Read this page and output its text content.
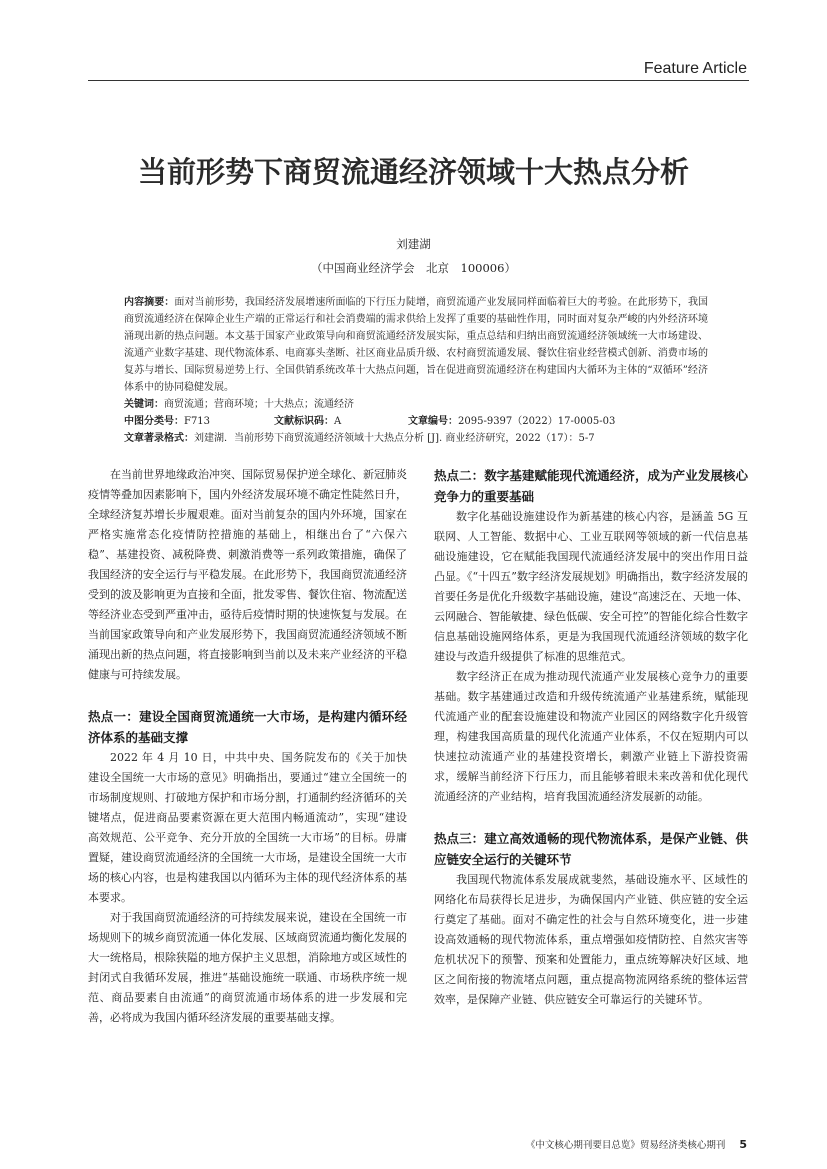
Feature Article
当前形势下商贸流通经济领域十大热点分析
刘建湖
（中国商业经济学会　北京　100006）
内容摘要：面对当前形势，我国经济发展增速所面临的下行压力陡增，商贸流通产业发展同样面临着巨大的考验。在此形势下，我国商贸流通经济在保障企业生产端的正常运行和社会消费端的需求供给上发挥了重要的基础性作用，同时面对复杂严峻的内外经济环境涌现出新的热点问题。本文基于国家产业政策导向和商贸流通经济发展实际，重点总结和归纳出商贸流通经济领域统一大市场建设、流通产业数字基建、现代物流体系、电商寡头垄断、社区商业品质升级、农村商贸流通发展、餐饮住宿业经营模式创新、消费市场的复苏与增长、国际贸易逆势上行、全国供销系统改革十大热点问题，旨在促进商贸流通经济在构建国内大循环为主体的“双循环”经济体系中的协同稳健发展。
关键词：商贸流通；营商环境；十大热点；流通经济
中图分类号：F713	文献标识码：A	文章编号：2095-9397（2022）17-0005-03
文章著录格式：刘建湖．当前形势下商贸流通经济领域十大热点分析 [J]. 商业经济研究，2022（17）：5-7

在当前世界地缘政治冲突、国际贸易保护逆全球化、新冠肺炎疫情等叠加因素影响下，国内外经济发展环境不确定性陡然日升，全球经济复苏增长步履艰难。面对当前复杂的国内外环境，国家在严格实施常态化疫情防控措施的基础上，相继出台了“六保六稳”、基建投资、减税降费、刺激消费等一系列政策措施，确保了我国经济的安全运行与平稳发展。在此形势下，我国商贸流通经济受到的波及影响更为直接和全面，批发零售、餐饮住宿、物流配送等经济业态受到严重冲击，亟待后疫情时期的快速恢复与发展。在当前国家政策导向和产业发展形势下，我国商贸流通经济领域不断涌现出新的热点问题，将直接影响到当前以及未来产业经济的平稳健康与可持续发展。

热点一：建设全国商贸流通统一大市场，是构建内循环经济体系的基础支撑

2022 年 4 月 10 日，中共中央、国务院发布的《关于加快建设全国统一大市场的意见》明确指出，要通过“建立全国统一的市场制度规则、打破地方保护和市场分割，打通制约经济循环的关键堵点，促进商品要素资源在更大范围内畅通流动”，实现“建设高效规范、公平竞争、充分开放的全国统一大市场”的目标。毋庸置疑，建设商贸流通经济的全国统一大市场，是建设全国统一大市场的核心内容，也是构建我国以内循环为主体的现代经济体系的基本要求。

对于我国商贸流通经济的可持续发展来说，建设在全国统一市场规则下的城乡商贸流通一体化发展、区域商贸流通均衡化发展的大一统格局，根除狭隘的地方保护主义思想，消除地方或区域性的封闭式自我循环发展，推进“基础设施统一联通、市场秩序统一规范、商品要素自由流通”的商贸流通市场体系的进一步发展和完善，必将成为我国内循环经济发展的重要基础支撑。

热点二：数字基建赋能现代流通经济，成为产业发展核心竞争力的重要基础

数字化基础设施建设作为新基建的核心内容，是涵盖 5G 互联网、人工智能、数据中心、工业互联网等领域的新一代信息基础设施建设，它在赋能我国现代流通经济发展中的突出作用日益凸显。《“十四五”数字经济发展规划》明确指出，数字经济发展的首要任务是优化升级数字基础设施，建设“高速泛在、天地一体、云网融合、智能敏捷、绿色低碳、安全可控”的智能化综合性数字信息基础设施网络体系，更是为我国现代流通经济领域的数字化建设与改造升级提供了标准的思维范式。

数字经济正在成为推动现代流通产业发展核心竞争力的重要基础。数字基建通过改造和升级传统流通产业基建系统，赋能现代流通产业的配套设施建设和物流产业园区的网络数字化升级管理，构建我国高质量的现代化流通产业体系，不仅在短期内可以快速拉动流通产业的基建投资增长，刺激产业链上下游投资需求，缓解当前经济下行压力，而且能够着眼未来改善和优化现代流通经济的产业结构，培育我国流通经济发展新的动能。

热点三：建立高效通畅的现代物流体系，是保产业链、供应链安全运行的关键环节

我国现代物流体系发展成就斐然，基础设施水平、区域性的网络化布局获得长足进步，为确保国内产业链、供应链的安全运行奠定了基础。面对不确定性的社会与自然环境变化，进一步建设高效通畅的现代物流体系，重点增强如疫情防控、自然灾害等危机状况下的预警、预案和处置能力，重点统筹解决好区域、地区之间衔接的物流堵点问题，重点提高物流网络系统的整体运营效率，是保障产业链、供应链安全可靠运行的关键环节。

《中文核心期刊要目总览》贸易经济类核心期刊 5
